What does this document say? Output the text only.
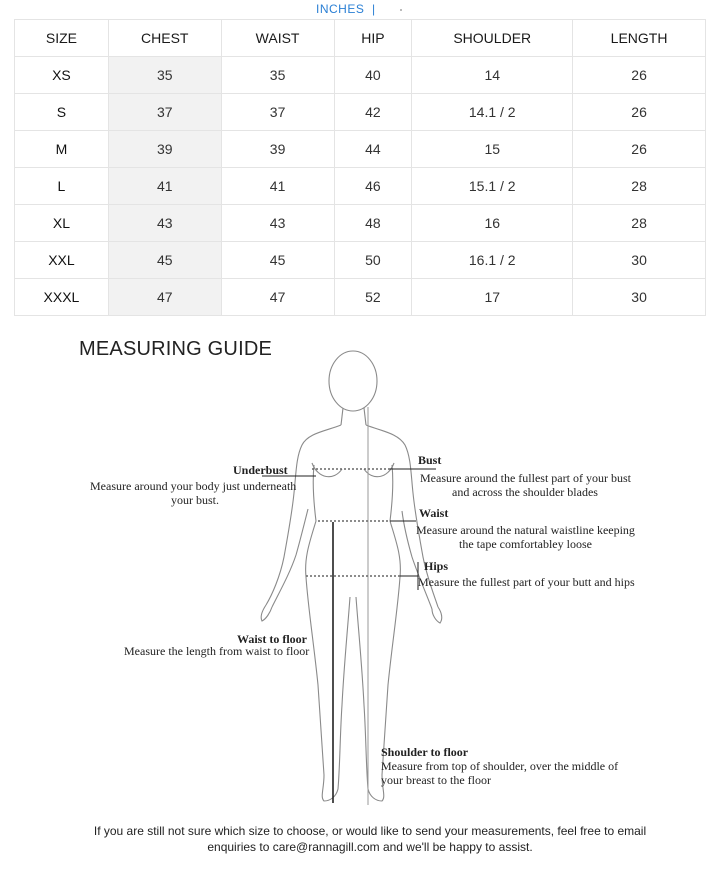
INCHES |
SIZE	CHEST	WAIST	HIP	SHOULDER	LENGTH
XS	35	35	40	14	26
S	37	37	42	14.1 / 2	26
M	39	39	44	15	26
L	41	41	46	15.1 / 2	28
XL	43	43	48	16	28
XXL	45	45	50	16.1 / 2	30
XXXL	47	47	52	17	30
MEASURING GUIDE
Underbust
Measure around your body just underneath
your bust.
Bust
Measure around the fullest part of your bust
and across the shoulder blades
Waist
Measure around the natural waistline keeping
the tape comfortabley loose
Hips
Measure the fullest part of your butt and hips
Waist to floor
Measure the length from waist to floor
Shoulder to floor
Measure from top of shoulder, over the middle of
your breast to the floor
If you are still not sure which size to choose, or would like to send your measurements, feel free to email
enquiries to care@rannagill.com and we'll be happy to assist.
